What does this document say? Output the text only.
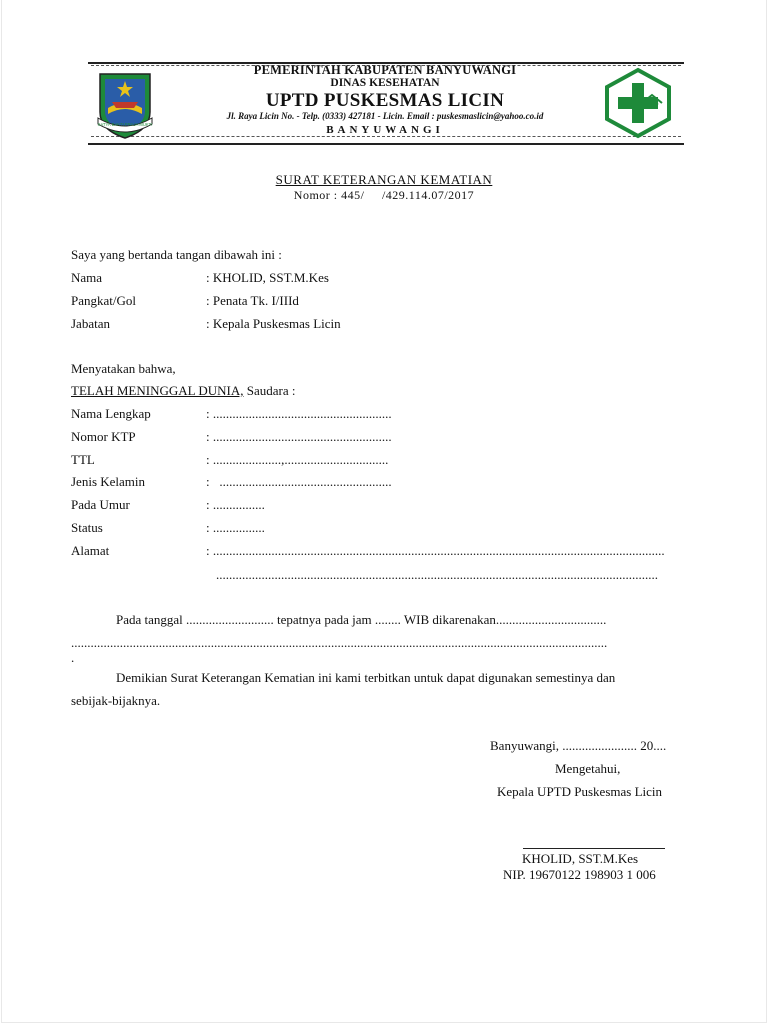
SATYA BAKTI PRAJA MUKTI
PEMERINTAH KABUPATEN BANYUWANGI
DINAS KESEHATAN
UPTD PUSKESMAS LICIN
Jl. Raya Licin No. - Telp. (0333) 427181 - Licin. Email : puskesmaslicin@yahoo.co.id
BANYUWANGI
SURAT KETERANGAN KEMATIAN
Nomor : 445/     /429.114.07/2017
Saya yang bertanda tangan dibawah ini :
Nama	: KHOLID, SST.M.Kes
Pangkat/Gol	: Penata Tk. I/IIId
Jabatan	: Kepala Puskesmas Licin
Menyatakan bahwa,
TELAH MENINGGAL DUNIA, Saudara :
Nama Lengkap	: .......................................................
Nomor KTP	: .......................................................
TTL	: .....................,................................
Jenis Kelamin	:   .....................................................
Pada Umur	: ................
Status	: ................
Alamat	: ...........................................................................................................................................
........................................................................................................................................
Pada tanggal ........................... tepatnya pada jam ........ WIB dikarenakan..................................
.....................................................................................................................................................................
.
Demikian Surat Keterangan Kematian ini kami terbitkan untuk dapat digunakan semestinya dan
sebijak-bijaknya.
Banyuwangi, ....................... 20....
Mengetahui,
Kepala UPTD Puskesmas Licin
KHOLID, SST.M.Kes
NIP. 19670122 198903 1 006
